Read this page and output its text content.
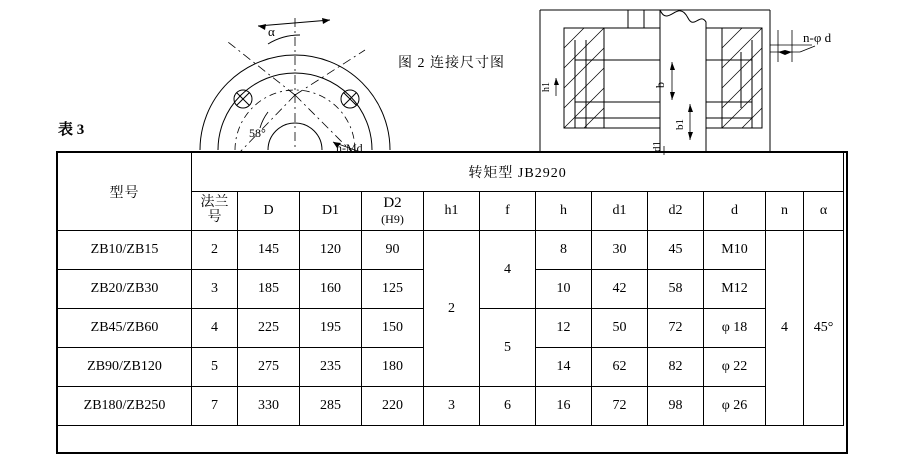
α
58°
n-Md
n-φ d
b
b1
h1
d1
图 2 连接尺寸图
表 3
型号	转矩型 JB2920											
	法兰
号	D	D1	D2
(H9)	h1	f	h	d1	d2	d	n	α
ZB10/ZB15	2	145	120	90	2	4	8	30	45	M10	4	45°
ZB20/ZB30	3	185	160	125			10	42	58	M12		
ZB45/ZB60	4	225	195	150		5	12	50	72	φ 18		
ZB90/ZB120	5	275	235	180			14	62	82	φ 22		
ZB180/ZB250	7	330	285	220	3	6	16	72	98	φ 26		
